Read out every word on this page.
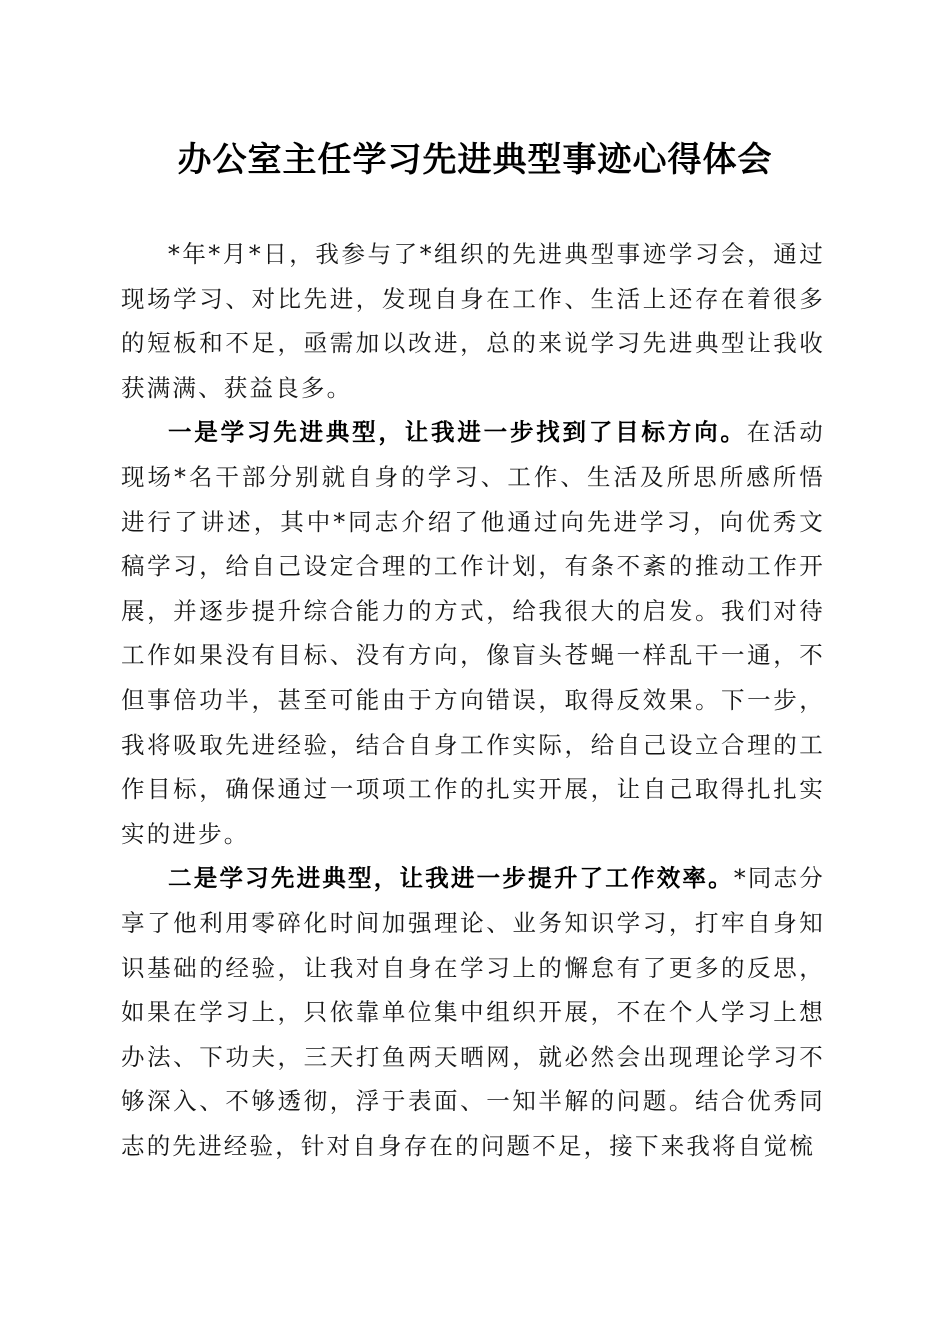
办公室主任学习先进典型事迹心得体会

*年*月*日，我参与了*组织的先进典型事迹学习会，通过现场学习、对比先进，发现自身在工作、生活上还存在着很多的短板和不足，亟需加以改进，总的来说学习先进典型让我收获满满、获益良多。

一是学习先进典型，让我进一步找到了目标方向。在活动现场*名干部分别就自身的学习、工作、生活及所思所感所悟进行了讲述，其中*同志介绍了他通过向先进学习，向优秀文稿学习，给自己设定合理的工作计划，有条不紊的推动工作开展，并逐步提升综合能力的方式，给我很大的启发。我们对待工作如果没有目标、没有方向，像盲头苍蝇一样乱干一通，不但事倍功半，甚至可能由于方向错误，取得反效果。下一步，我将吸取先进经验，结合自身工作实际，给自己设立合理的工作目标，确保通过一项项工作的扎实开展，让自己取得扎扎实实的进步。

二是学习先进典型，让我进一步提升了工作效率。*同志分享了他利用零碎化时间加强理论、业务知识学习，打牢自身知识基础的经验，让我对自身在学习上的懈怠有了更多的反思，如果在学习上，只依靠单位集中组织开展，不在个人学习上想办法、下功夫，三天打鱼两天晒网，就必然会出现理论学习不够深入、不够透彻，浮于表面、一知半解的问题。结合优秀同志的先进经验，针对自身存在的问题不足，接下来我将自觉梳
